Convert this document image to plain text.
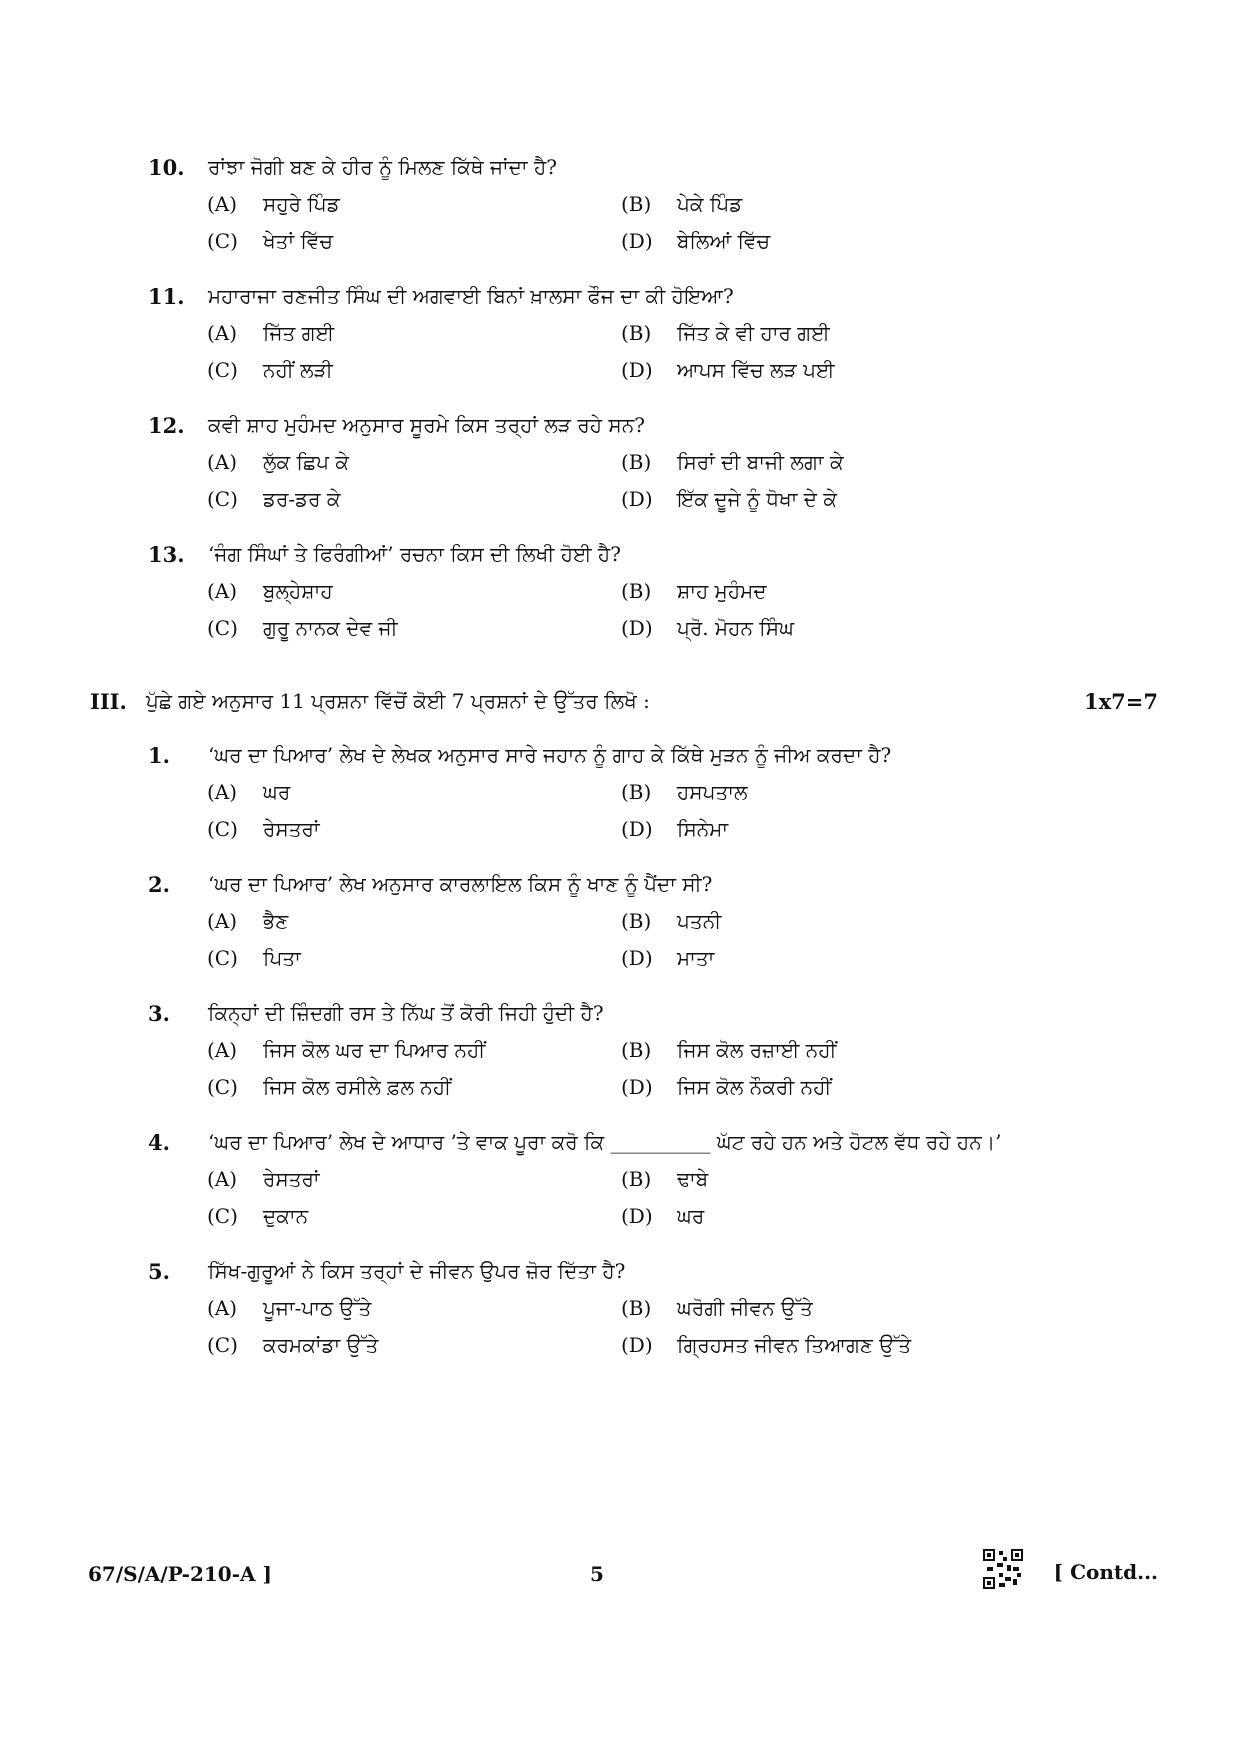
10. ਰਾਂਝਾ ਜੋਗੀ ਬਣ ਕੇ ਹੀਰ ਨੂੰ ਮਿਲਣ ਕਿੱਥੇ ਜਾਂਦਾ ਹੈ?
(A) ਸਹੁਰੇ ਪਿੰਡ	(B) ਪੇਕੇ ਪਿੰਡ
(C) ਖੇਤਾਂ ਵਿੱਚ	(D) ਬੇਲਿਆਂ ਵਿੱਚ
11. ਮਹਾਰਾਜਾ ਰਣਜੀਤ ਸਿੰਘ ਦੀ ਅਗਵਾਈ ਬਿਨਾਂ ਖ਼ਾਲਸਾ ਫੌਜ ਦਾ ਕੀ ਹੋਇਆ?
(A) ਜਿੱਤ ਗਈ	(B) ਜਿੱਤ ਕੇ ਵੀ ਹਾਰ ਗਈ
(C) ਨਹੀਂ ਲੜੀ	(D) ਆਪਸ ਵਿੱਚ ਲੜ ਪਈ
12. ਕਵੀ ਸ਼ਾਹ ਮੁਹੰਮਦ ਅਨੁਸਾਰ ਸੂਰਮੇ ਕਿਸ ਤਰ੍ਹਾਂ ਲੜ ਰਹੇ ਸਨ?
(A) ਲੁੱਕ ਛਿਪ ਕੇ	(B) ਸਿਰਾਂ ਦੀ ਬਾਜੀ ਲਗਾ ਕੇ
(C) ਡਰ-ਡਰ ਕੇ	(D) ਇੱਕ ਦੂਜੇ ਨੂੰ ਧੋਖਾ ਦੇ ਕੇ
13. ‘ਜੰਗ ਸਿੰਘਾਂ ਤੇ ਫਿਰੰਗੀਆਂ’ ਰਚਨਾ ਕਿਸ ਦੀ ਲਿਖੀ ਹੋਈ ਹੈ?
(A) ਬੁਲ੍ਹੇਸ਼ਾਹ	(B) ਸ਼ਾਹ ਮੁਹੰਮਦ
(C) ਗੁਰੂ ਨਾਨਕ ਦੇਵ ਜੀ	(D) ਪ੍ਰੋ. ਮੋਹਨ ਸਿੰਘ
III. ਪੁੱਛੇ ਗਏ ਅਨੁਸਾਰ 11 ਪ੍ਰਸ਼ਨਾ ਵਿੱਚੋਂ ਕੋਈ 7 ਪ੍ਰਸ਼ਨਾਂ ਦੇ ਉੱਤਰ ਲਿਖੋ :	1x7=7
1. ‘ਘਰ ਦਾ ਪਿਆਰ’ ਲੇਖ ਦੇ ਲੇਖਕ ਅਨੁਸਾਰ ਸਾਰੇ ਜਹਾਨ ਨੂੰ ਗਾਹ ਕੇ ਕਿੱਥੇ ਮੁੜਨ ਨੂੰ ਜੀਅ ਕਰਦਾ ਹੈ?
(A) ਘਰ	(B) ਹਸਪਤਾਲ
(C) ਰੇਸਤਰਾਂ	(D) ਸਿਨੇਮਾ
2. ‘ਘਰ ਦਾ ਪਿਆਰ’ ਲੇਖ ਅਨੁਸਾਰ ਕਾਰਲਾਇਲ ਕਿਸ ਨੂੰ ਖਾਣ ਨੂੰ ਪੈਂਦਾ ਸੀ?
(A) ਭੈਣ	(B) ਪਤਨੀ
(C) ਪਿਤਾ	(D) ਮਾਤਾ
3. ਕਿਨ੍ਹਾਂ ਦੀ ਜ਼ਿੰਦਗੀ ਰਸ ਤੇ ਨਿੱਘ ਤੋਂ ਕੋਰੀ ਜਿਹੀ ਹੁੰਦੀ ਹੈ?
(A) ਜਿਸ ਕੋਲ ਘਰ ਦਾ ਪਿਆਰ ਨਹੀਂ	(B) ਜਿਸ ਕੋਲ ਰਜ਼ਾਈ ਨਹੀਂ
(C) ਜਿਸ ਕੋਲ ਰਸੀਲੇ ਫ਼ਲ ਨਹੀਂ	(D) ਜਿਸ ਕੋਲ ਨੌਕਰੀ ਨਹੀਂ
4. ‘ਘਰ ਦਾ ਪਿਆਰ’ ਲੇਖ ਦੇ ਆਧਾਰ ’ਤੇ ਵਾਕ ਪੂਰਾ ਕਰੋ ਕਿ __________ ਘੱਟ ਰਹੇ ਹਨ ਅਤੇ ਹੋਟਲ ਵੱਧ ਰਹੇ ਹਨ।’
(A) ਰੇਸਤਰਾਂ	(B) ਢਾਬੇ
(C) ਦੁਕਾਨ	(D) ਘਰ
5. ਸਿੱਖ-ਗੁਰੂਆਂ ਨੇ ਕਿਸ ਤਰ੍ਹਾਂ ਦੇ ਜੀਵਨ ਉਪਰ ਜ਼ੋਰ ਦਿੱਤਾ ਹੈ?
(A) ਪੂਜਾ-ਪਾਠ ਉੱਤੇ	(B) ਘਰੋਗੀ ਜੀਵਨ ਉੱਤੇ
(C) ਕਰਮਕਾਂਡਾ ਉੱਤੇ	(D) ਗ੍ਰਿਹਸਤ ਜੀਵਨ ਤਿਆਗਣ ਉੱਤੇ
67/S/A/P-210-A ]	5	[ Contd...
